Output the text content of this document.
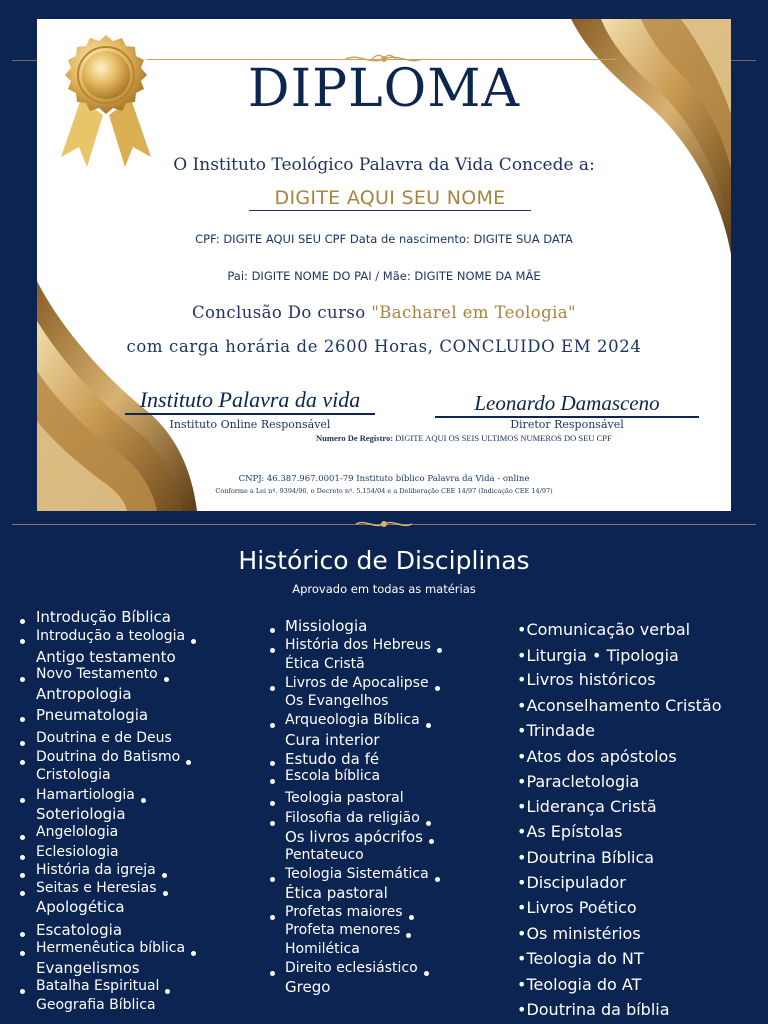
DIPLOMA
O Instituto Teológico Palavra da Vida Concede a:
DIGITE AQUI SEU NOME
CPF: DIGITE AQUI SEU CPF Data de nascimento: DIGITE SUA DATA
Pai: DIGITE NOME DO PAI / Mãe: DIGITE NOME DA MÃE
Conclusão Do curso "Bacharel em Teologia"
com carga horária de 2600 Horas, CONCLUIDO EM 2024
Instituto Palavra da vida
Instituto Online Responsável
Leonardo Damasceno
Diretor Responsável
Numero De Registro: DIGITE AQUI OS SEIS ULTIMOS NUMEROS DO SEU CPF
CNPJ: 46.387.967.0001-79 Instituto bíblico Palavra da Vida - online
Conforme a Lei nº. 9394/96, o Decreto nº. 5.154/04 e a Deliberação CEE 14/97 (Indicação CEE 14/97)
Histórico de Disciplinas
Aprovado em todas as matérias
Introdução Bíblica
Introdução a teologia
Antigo testamento
Novo Testamento
Antropologia
Pneumatologia
Doutrina e de Deus
Doutrina do Batismo
Cristologia
Hamartiologia
Soteriologia
Angelologia
Eclesiologia
História da igreja
Seitas e Heresias
Apologética
Escatologia
Hermenêutica bíblica
Evangelismos
Batalha Espiritual
Geografia Bíblica
Missiologia
História dos Hebreus
Ética Cristã
Livros de Apocalipse
Os Evangelhos
Arqueologia Bíblica
Cura interior
Estudo da fé
Escola bíblica
Teologia pastoral
Filosofia da religião
Os livros apócrifos
Pentateuco
Teologia Sistemática
Ética pastoral
Profetas maiores
Profeta menores
Homilética
Direito eclesiástico
Grego
•Comunicação verbal
•Liturgia • Tipologia
•Livros históricos
•Aconselhamento Cristão
•Trindade
•Atos dos apóstolos
•Paracletologia
•Liderança Cristã
•As Epístolas
•Doutrina Bíblica
•Discipulador
•Livros Poético
•Os ministérios
•Teologia do NT
•Teologia do AT
•Doutrina da bíblia
